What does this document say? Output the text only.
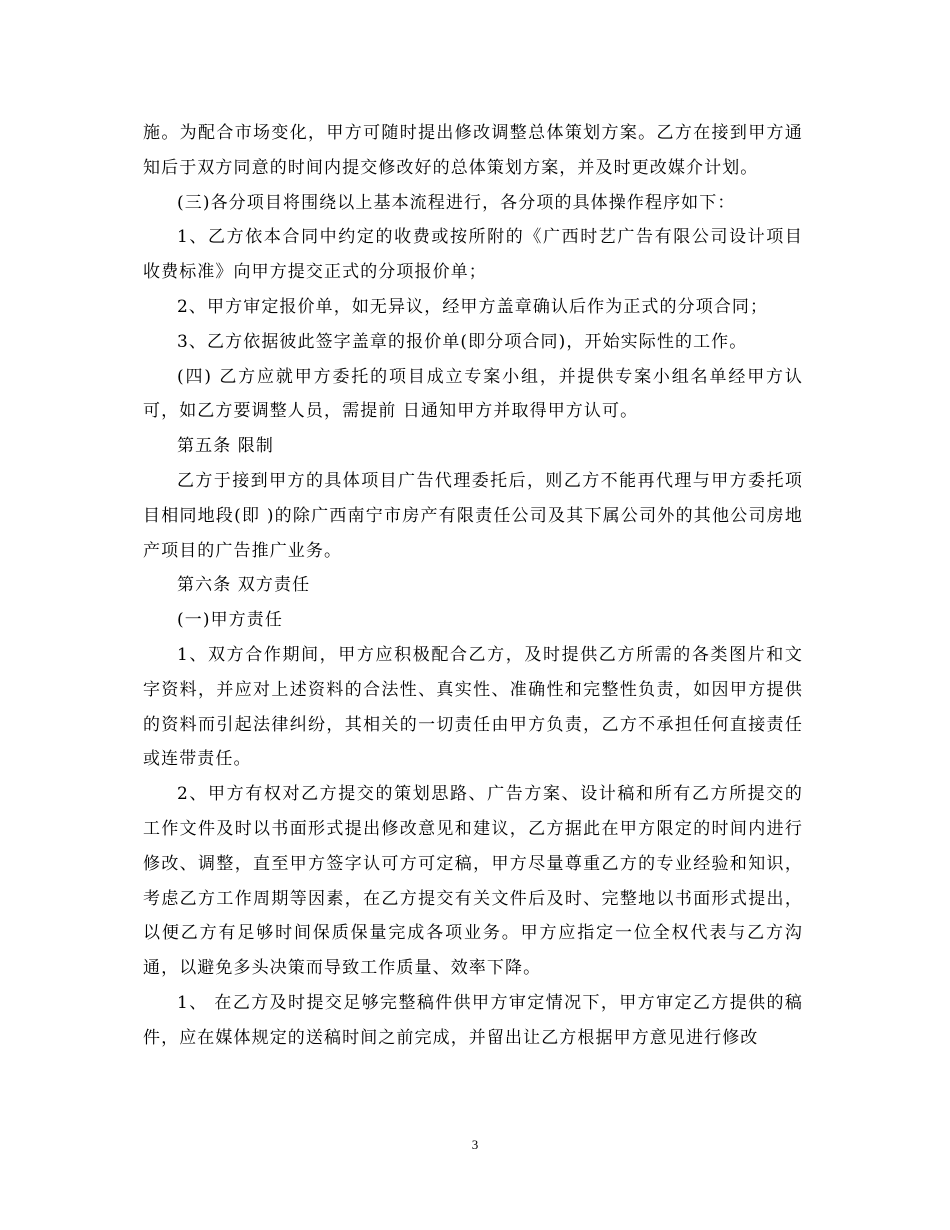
施。为配合市场变化，甲方可随时提出修改调整总体策划方案。乙方在接到甲方通知后于双方同意的时间内提交修改好的总体策划方案，并及时更改媒介计划。

(三)各分项目将围绕以上基本流程进行，各分项的具体操作程序如下：

1、乙方依本合同中约定的收费或按所附的《广西时艺广告有限公司设计项目收费标准》向甲方提交正式的分项报价单；

2、甲方审定报价单，如无异议，经甲方盖章确认后作为正式的分项合同；

3、乙方依据彼此签字盖章的报价单(即分项合同)，开始实际性的工作。

(四) 乙方应就甲方委托的项目成立专案小组，并提供专案小组名单经甲方认可，如乙方要调整人员，需提前 日通知甲方并取得甲方认可。

第五条 限制

乙方于接到甲方的具体项目广告代理委托后，则乙方不能再代理与甲方委托项目相同地段(即 )的除广西南宁市房产有限责任公司及其下属公司外的其他公司房地产项目的广告推广业务。

第六条 双方责任

(一)甲方责任

1、双方合作期间，甲方应积极配合乙方，及时提供乙方所需的各类图片和文字资料，并应对上述资料的合法性、真实性、准确性和完整性负责，如因甲方提供的资料而引起法律纠纷，其相关的一切责任由甲方负责，乙方不承担任何直接责任或连带责任。

2、甲方有权对乙方提交的策划思路、广告方案、设计稿和所有乙方所提交的工作文件及时以书面形式提出修改意见和建议，乙方据此在甲方限定的时间内进行修改、调整，直至甲方签字认可方可定稿，甲方尽量尊重乙方的专业经验和知识，考虑乙方工作周期等因素，在乙方提交有关文件后及时、完整地以书面形式提出，以便乙方有足够时间保质保量完成各项业务。甲方应指定一位全权代表与乙方沟通，以避免多头决策而导致工作质量、效率下降。

1、 在乙方及时提交足够完整稿件供甲方审定情况下，甲方审定乙方提供的稿件，应在媒体规定的送稿时间之前完成，并留出让乙方根据甲方意见进行修改

3
